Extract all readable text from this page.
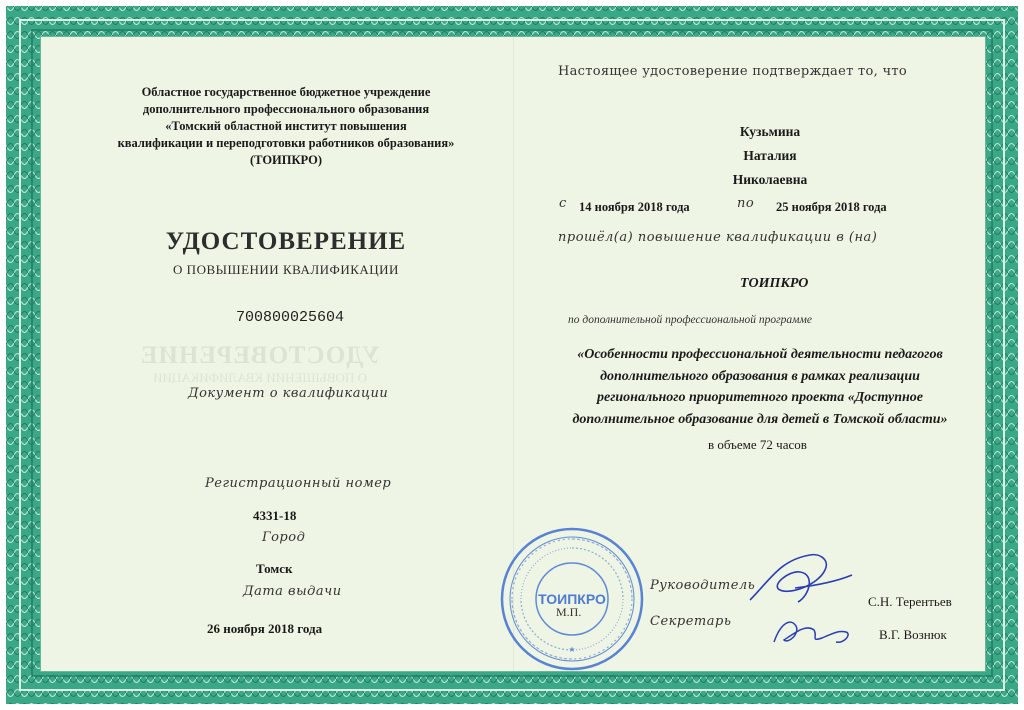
Областное государственное бюджетное учреждение
дополнительного профессионального образования
«Томский областной институт повышения
квалификации и переподготовки работников образования»
(ТОИПКРО)
УДОСТОВЕРЕНИЕ
О ПОВЫШЕНИИ КВАЛИФИКАЦИИ
700800025604
УДОСТОВЕРЕНИЕ
О ПОВЫШЕНИИ КВАЛИФИКАЦИИ
Документ о квалификации
Регистрационный номер
4331-18
Город
Томск
Дата выдачи
26 ноября 2018 года
Настоящее удостоверение подтверждает то, что
Кузьмина
Наталия
Николаевна
с 14 ноября 2018 года	по 25 ноября 2018 года
прошёл(а) повышение квалификации в (на)
ТОИПКРО
по дополнительной профессиональной программе
«Особенности профессиональной деятельности педагогов
дополнительного образования в рамках реализации
регионального приоритетного проекта «Доступное
дополнительное образование для детей в Томской области»
в объеме 72 часов
ТОИПКРО
★
М.П.
Руководитель
С.Н. Терентьев
Секретарь
В.Г. Вознюк
